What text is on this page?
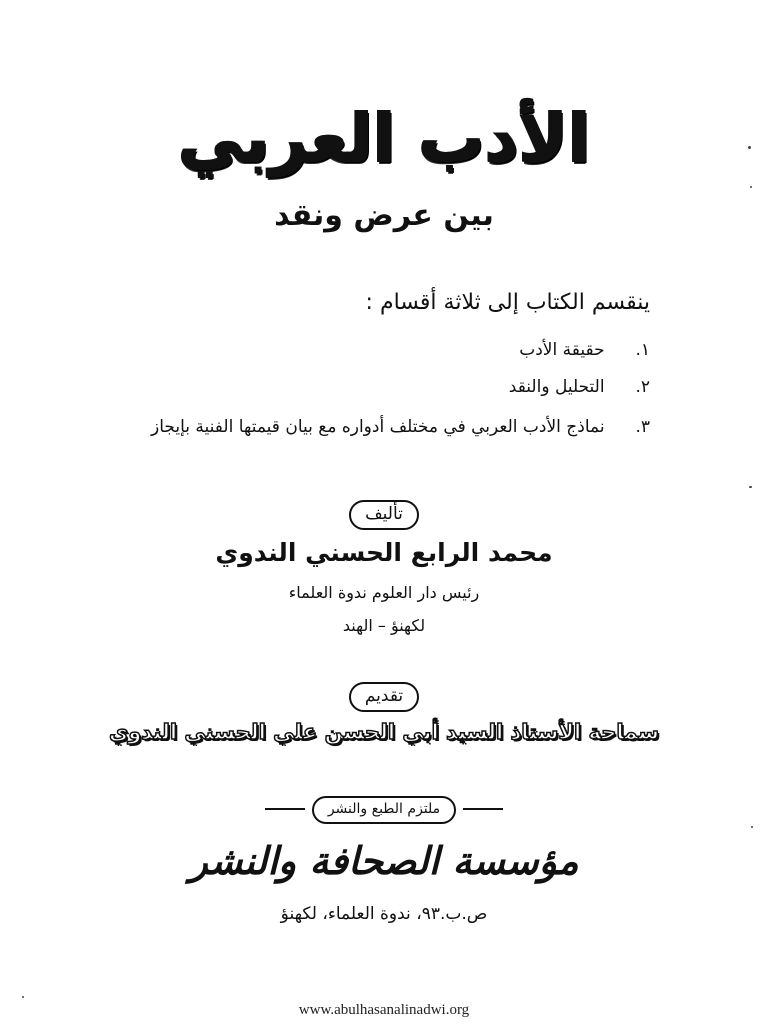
الأدب العربي
بين عرض ونقد
ينقسم الكتاب إلى ثلاثة أقسام :
١. حقيقة الأدب
٢. التحليل والنقد
٣. نماذج الأدب العربي في مختلف أدواره مع بيان قيمتها الفنية بإيجاز
تأليف
محمد الرابع الحسني الندوي
رئيس دار العلوم ندوة العلماء
لكهنؤ – الهند
تقديم
سماحة الأستاذ السيد أبي الحسن علي الحسني الندوي
ملتزم الطبع والنشر
مؤسسة الصحافة والنشر
ص.ب.٩٣، ندوة العلماء، لكهنؤ
www.abulhasanalinadwi.org
